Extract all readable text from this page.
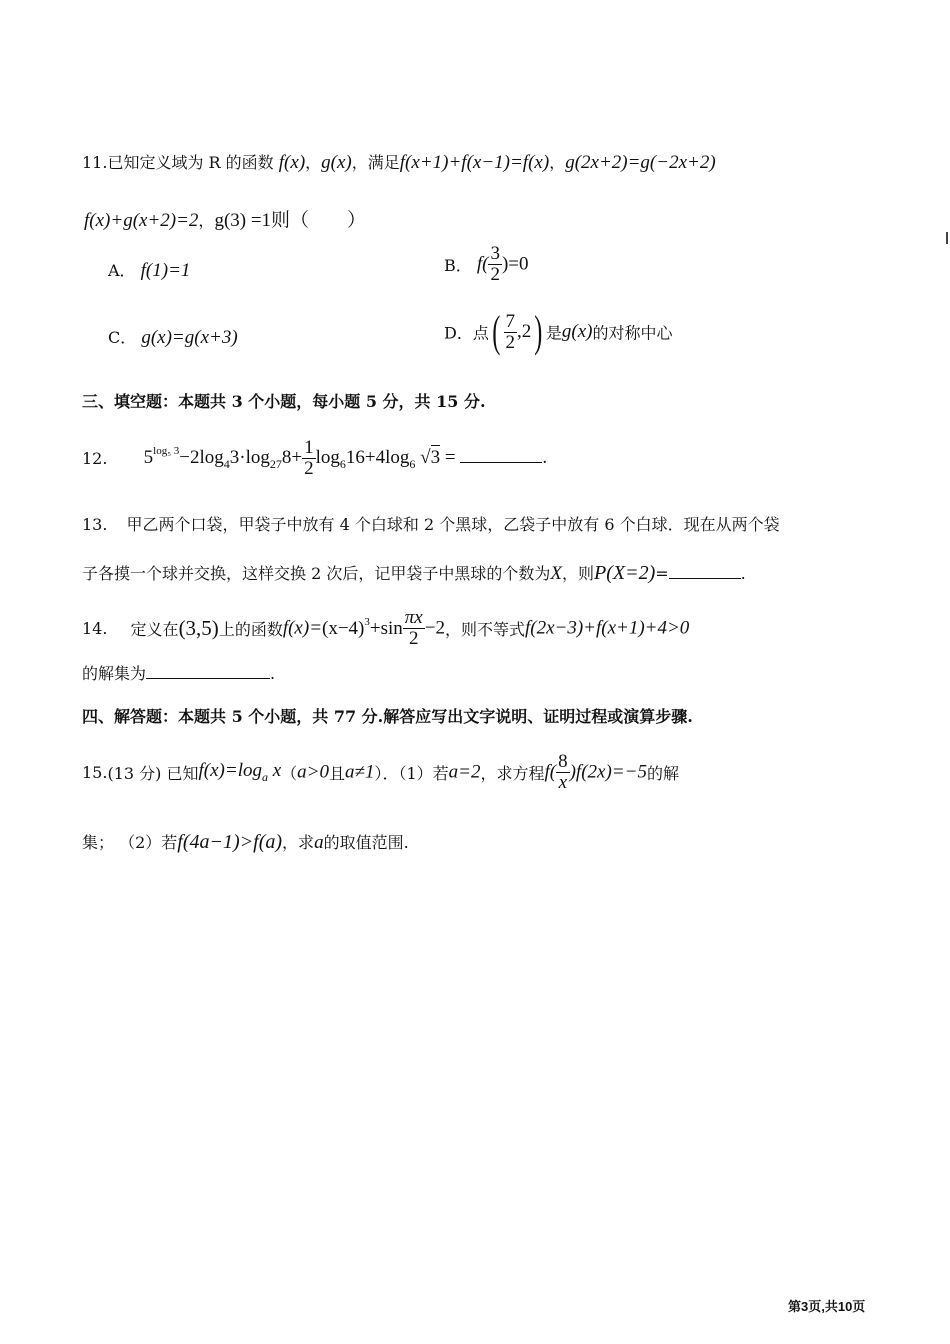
11.已知定义域为 R 的函数 f(x)，g(x)，满足f(x+1)+f(x−1)=f(x)，g(2x+2)=g(−2x+2)
f(x)+g(x+2)=2，g(3) =1则（　　）
A． f(1)=1	B． $f( \frac{3}{2} )=0$
C． g(x)=g(x+3)	D．点( $\frac{7}{2} ,2$) 是g(x)的对称中心
三、填空题：本题共 3 个小题，每小题 5 分，共 15 分.
12. $5^{log_5 3}-2\log_43\cdot\log_{27}8+ \frac{1}{2} \log_616+4\log_6$ √3 =	.
13. 甲乙两个口袋，甲袋子中放有 4 个白球和 2 个黑球，乙袋子中放有 6 个白球．现在从两个袋
子各摸一个球并交换，这样交换 2 次后，记甲袋子中黑球的个数为X，则P(X=2)=	.
14. 定义在(3,5)上的函数$f(x)=(x-4)^3+\sin \frac{\pi x}{2} -2$，则不等式f(2x−3)+f(x+1)+4>0
的解集为	.
四、解答题：本题共 5 个小题，共 77 分.解答应写出文字说明、证明过程或演算步骤.
15.(13 分) 已知$f(x)=\log_a$ x（a>0且a≠1）．（1）若a=2，求方程$f( \frac{8}{x} )f(2x)=-5$的解
集； （2）若f(4a−1)>f(a)，求a的取值范围.
第3页,共10页
